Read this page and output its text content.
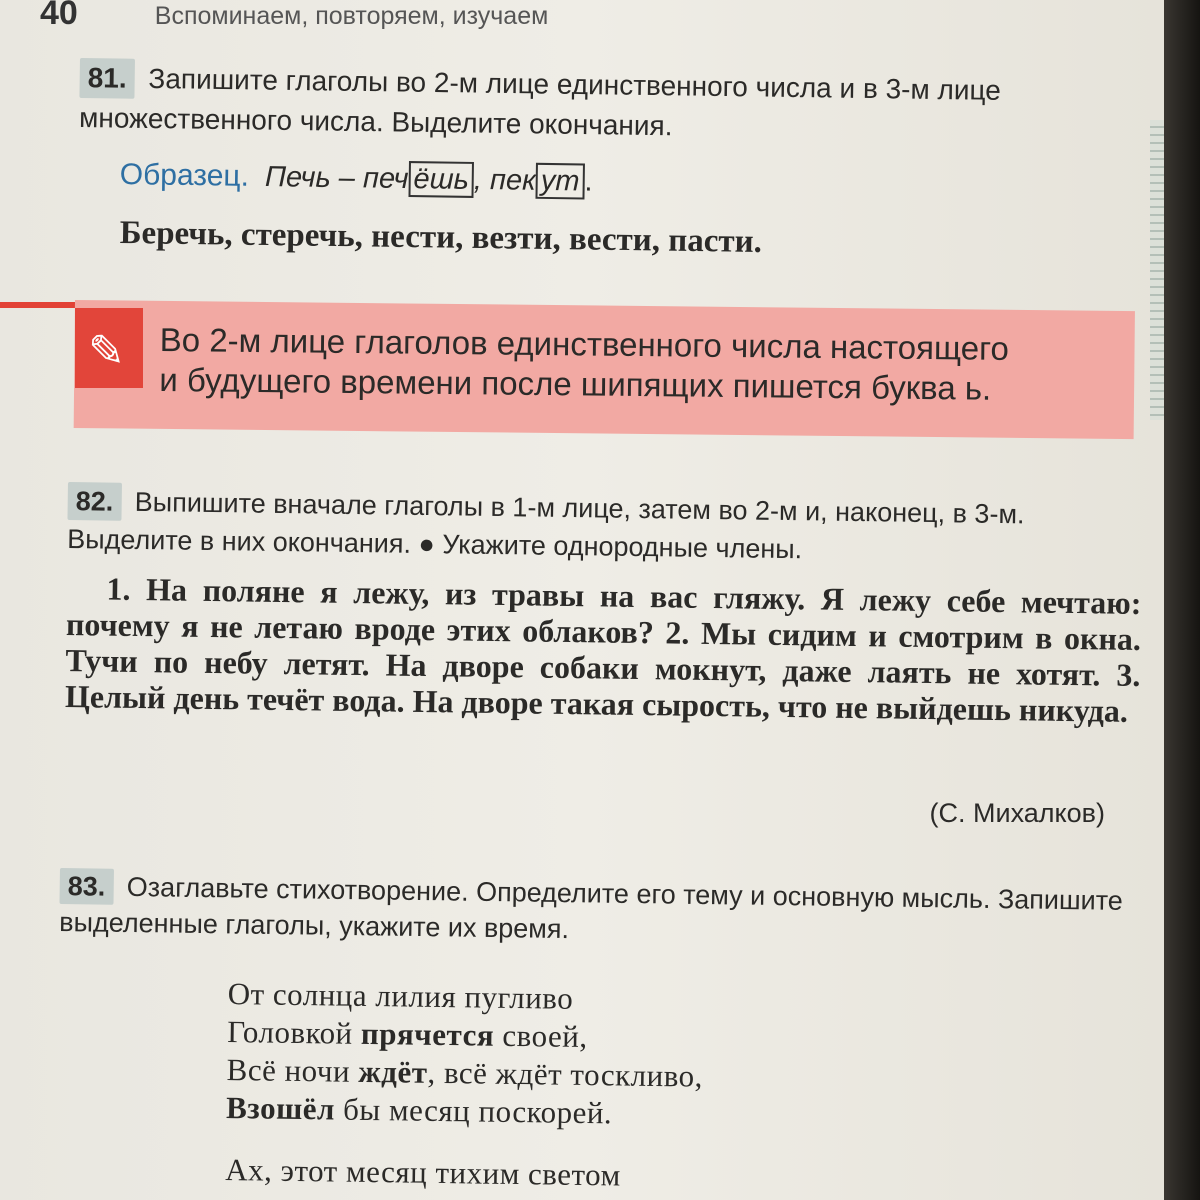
40	Вспоминаем, повторяем, изучаем
81. Запишите глаголы во 2-м лице единственного числа и в 3-м лице множественного числа. Выделите окончания.
Образец. Печь – печ ёшь , пек ут .
Беречь, стеречь, нести, везти, вести, пасти.
✎ Во 2-м лице глаголов единственного числа настоящего
и будущего времени после шипящих пишется буква ь.
82. Выпишите вначале глаголы в 1-м лице, затем во 2-м и, наконец, в 3-м. Выделите в них окончания. ● Укажите однородные члены.
1. На поляне я лежу, из травы на вас гляжу. Я лежу себе мечтаю: почему я не летаю вроде этих облаков? 2. Мы сидим и смотрим в окна. Тучи по небу летят. На дворе собаки мокнут, даже лаять не хотят. 3. Целый день течёт вода. На дворе такая сырость, что не выйдешь никуда.
(С. Михалков)
83. Озаглавьте стихотворение. Определите его тему и основную мысль. Запишите выделенные глаголы, укажите их время.
От солнца лилия пугливо
Головкой прячется своей,
Всё ночи ждёт, всё ждёт тоскливо,
Взошёл бы месяц поскорей.
Ах, этот месяц тихим светом
